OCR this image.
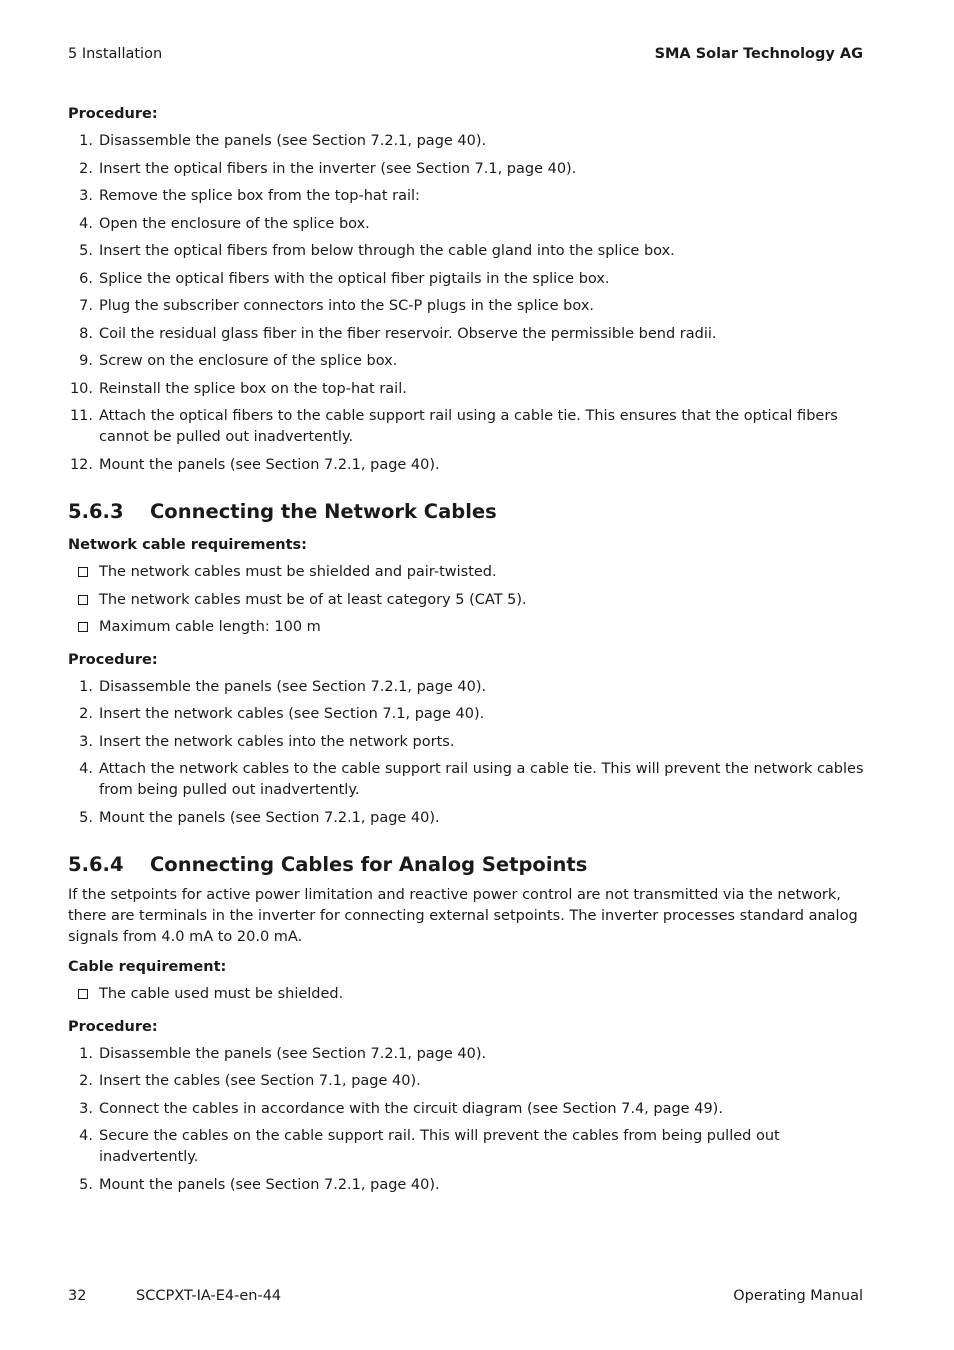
5 Installation	SMA Solar Technology AG
Procedure:
1. Disassemble the panels (see Section 7.2.1, page 40).
2. Insert the optical fibers in the inverter (see Section 7.1, page 40).
3. Remove the splice box from the top-hat rail:
4. Open the enclosure of the splice box.
5. Insert the optical fibers from below through the cable gland into the splice box.
6. Splice the optical fibers with the optical fiber pigtails in the splice box.
7. Plug the subscriber connectors into the SC-P plugs in the splice box.
8. Coil the residual glass fiber in the fiber reservoir. Observe the permissible bend radii.
9. Screw on the enclosure of the splice box.
10. Reinstall the splice box on the top-hat rail.
11. Attach the optical fibers to the cable support rail using a cable tie. This ensures that the optical fibers cannot be pulled out inadvertently.
12. Mount the panels (see Section 7.2.1, page 40).
5.6.3 Connecting the Network Cables
Network cable requirements:
The network cables must be shielded and pair-twisted.
The network cables must be of at least category 5 (CAT 5).
Maximum cable length: 100 m
Procedure:
1. Disassemble the panels (see Section 7.2.1, page 40).
2. Insert the network cables (see Section 7.1, page 40).
3. Insert the network cables into the network ports.
4. Attach the network cables to the cable support rail using a cable tie. This will prevent the network cables from being pulled out inadvertently.
5. Mount the panels (see Section 7.2.1, page 40).
5.6.4 Connecting Cables for Analog Setpoints

If the setpoints for active power limitation and reactive power control are not transmitted via the network, there are terminals in the inverter for connecting external setpoints. The inverter processes standard analog signals from 4.0 mA to 20.0 mA.

Cable requirement:
The cable used must be shielded.
Procedure:
1. Disassemble the panels (see Section 7.2.1, page 40).
2. Insert the cables (see Section 7.1, page 40).
3. Connect the cables in accordance with the circuit diagram (see Section 7.4, page 49).
4. Secure the cables on the cable support rail. This will prevent the cables from being pulled out inadvertently.
5. Mount the panels (see Section 7.2.1, page 40).
32	SCCPXT-IA-E4-en-44	Operating Manual
